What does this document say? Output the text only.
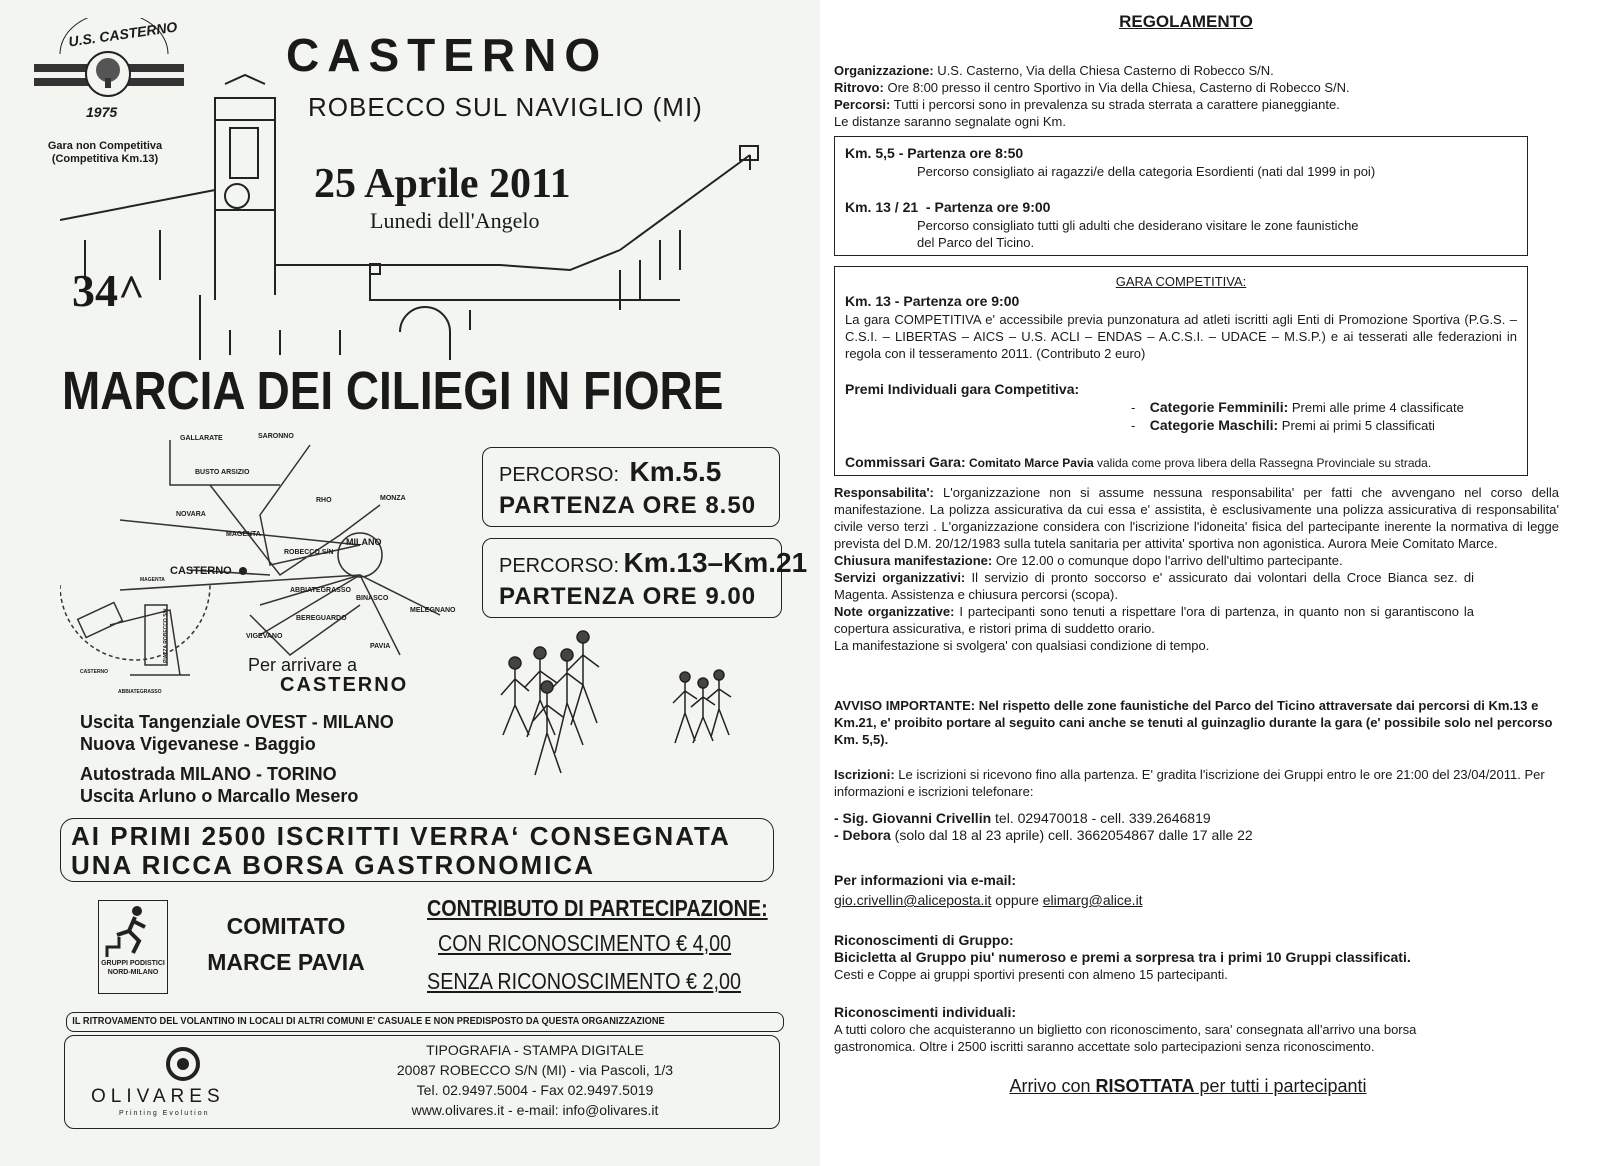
U.S. CASTERNO
1975
Gara non Competitiva
(Competitiva Km.13)
CASTERNO
ROBECCO SUL NAVIGLIO (MI)
25 Aprile 2011
Lunedi dell'Angelo
34^
MARCIA DEI CILIEGI IN FIORE
GALLARATE	SARONNO
BUSTO ARSIZIO
RHO	MONZA
NOVARA
MAGENTA
MILANO
ROBECCO S/N
CASTERNO
ABBIATEGRASSO
BINASCO
MELEGNANO
BEREGUARDO
VIGEVANO
PAVIA
MAGENTA
PIAZZA ROBECCO S/N
CASTERNO
ABBIATEGRASSO
Per arrivare a
CASTERNO
PERCORSO: Km.5.5
PARTENZA ORE 8.50
PERCORSO: Km.13–Km.21
PARTENZA ORE 9.00
Uscita Tangenziale OVEST - MILANO
Nuova Vigevanese - Baggio
Autostrada MILANO - TORINO
Uscita Arluno o Marcallo Mesero
AI PRIMI 2500 ISCRITTI VERRA‘ CONSEGNATA
UNA RICCA BORSA GASTRONOMICA
GRUPPI PODISTICI NORD-MILANO
COMITATO
MARCE PAVIA
CONTRIBUTO DI PARTECIPAZIONE:
CON RICONOSCIMENTO € 4,00
SENZA RICONOSCIMENTO € 2,00
IL RITROVAMENTO DEL VOLANTINO IN LOCALI DI ALTRI COMUNI E' CASUALE E NON PREDISPOSTO DA QUESTA ORGANIZZAZIONE
OLIVARES
Printing Evolution
TIPOGRAFIA - STAMPA DIGITALE
20087 ROBECCO S/N (MI) - via Pascoli, 1/3
Tel. 02.9497.5004 - Fax 02.9497.5019
www.olivares.it - e-mail: info@olivares.it
REGOLAMENTO
Organizzazione: U.S. Casterno, Via della Chiesa Casterno di Robecco S/N.
Ritrovo: Ore 8:00 presso il centro Sportivo in Via della Chiesa, Casterno di Robecco S/N.
Percorsi: Tutti i percorsi sono in prevalenza su strada sterrata a carattere pianeggiante.
Le distanze saranno segnalate ogni Km.
Km. 5,5 - Partenza ore 8:50
Percorso consigliato ai ragazzi/e della categoria Esordienti (nati dal 1999 in poi)
Km. 13 / 21  - Partenza ore 9:00
Percorso consigliato tutti gli adulti che desiderano visitare le zone faunistiche
del Parco del Ticino.
GARA COMPETITIVA:
Km. 13 - Partenza ore 9:00
La gara COMPETITIVA e' accessibile previa punzonatura ad atleti iscritti agli Enti di Promozione Sportiva (P.G.S. – C.S.I. – LIBERTAS – AICS – U.S. ACLI – ENDAS – A.C.S.I. – UDACE – M.S.P.) e ai tesserati alle federazioni in regola con il tesseramento 2011. (Contributo 2 euro)
Premi Individuali gara Competitiva:
-    Categorie Femminili: Premi alle prime 4 classificate
-    Categorie Maschili: Premi ai primi 5 classificati
Commissari Gara: Comitato Marce Pavia valida come prova libera della Rassegna Provinciale su strada.
Responsabilita': L'organizzazione non si assume nessuna responsabilita' per fatti che avvengano nel corso della manifestazione. La polizza assicurativa da cui essa e' assistita, è esclusivamente una polizza assicurativa di responsabilita' civile verso terzi . L'organizzazione considera con l'iscrizione l'idoneita' fisica del partecipante inerente la normativa di legge prevista del D.M. 20/12/1983 sulla tutela sanitaria per attivita' sportiva non agonistica. Aurora Meie Comitato Marce.
Chiusura manifestazione: Ore 12.00 o comunque dopo l'arrivo dell'ultimo partecipante.
Servizi organizzativi: Il servizio di pronto soccorso e' assicurato dai volontari della Croce Bianca sez. di Magenta. Assistenza e chiusura percorsi (scopa).
Note organizzative: I partecipanti sono tenuti a rispettare l'ora di partenza, in quanto non si garantiscono la copertura assicurativa, e ristori prima di suddetto orario.
La manifestazione si svolgera' con qualsiasi condizione di tempo.
AVVISO IMPORTANTE: Nel rispetto delle zone faunistiche del Parco del Ticino attraversate dai percorsi di Km.13 e Km.21, e' proibito portare al seguito cani anche se tenuti al guinzaglio durante la gara (e' possibile solo nel percorso Km. 5,5).
Iscrizioni: Le iscrizioni si ricevono fino alla partenza. E' gradita l'iscrizione dei Gruppi entro le ore 21:00 del 23/04/2011. Per informazioni e iscrizioni telefonare:
- Sig. Giovanni Crivellin tel. 029470018 - cell. 339.2646819
- Debora (solo dal 18 al 23 aprile) cell. 3662054867 dalle 17 alle 22
Per informazioni via e-mail:
gio.crivellin@aliceposta.it oppure elimarg@alice.it
Riconoscimenti di Gruppo:
Bicicletta al Gruppo piu' numeroso e premi a sorpresa tra i primi 10 Gruppi classificati.
Cesti e Coppe ai gruppi sportivi presenti con almeno 15 partecipanti.
Riconoscimenti individuali:
A tutti coloro che acquisteranno un biglietto con riconoscimento, sara' consegnata all'arrivo una borsa gastronomica. Oltre i 2500 iscritti saranno accettate solo partecipazioni senza riconoscimento.
Arrivo con RISOTTATA per tutti i partecipanti
